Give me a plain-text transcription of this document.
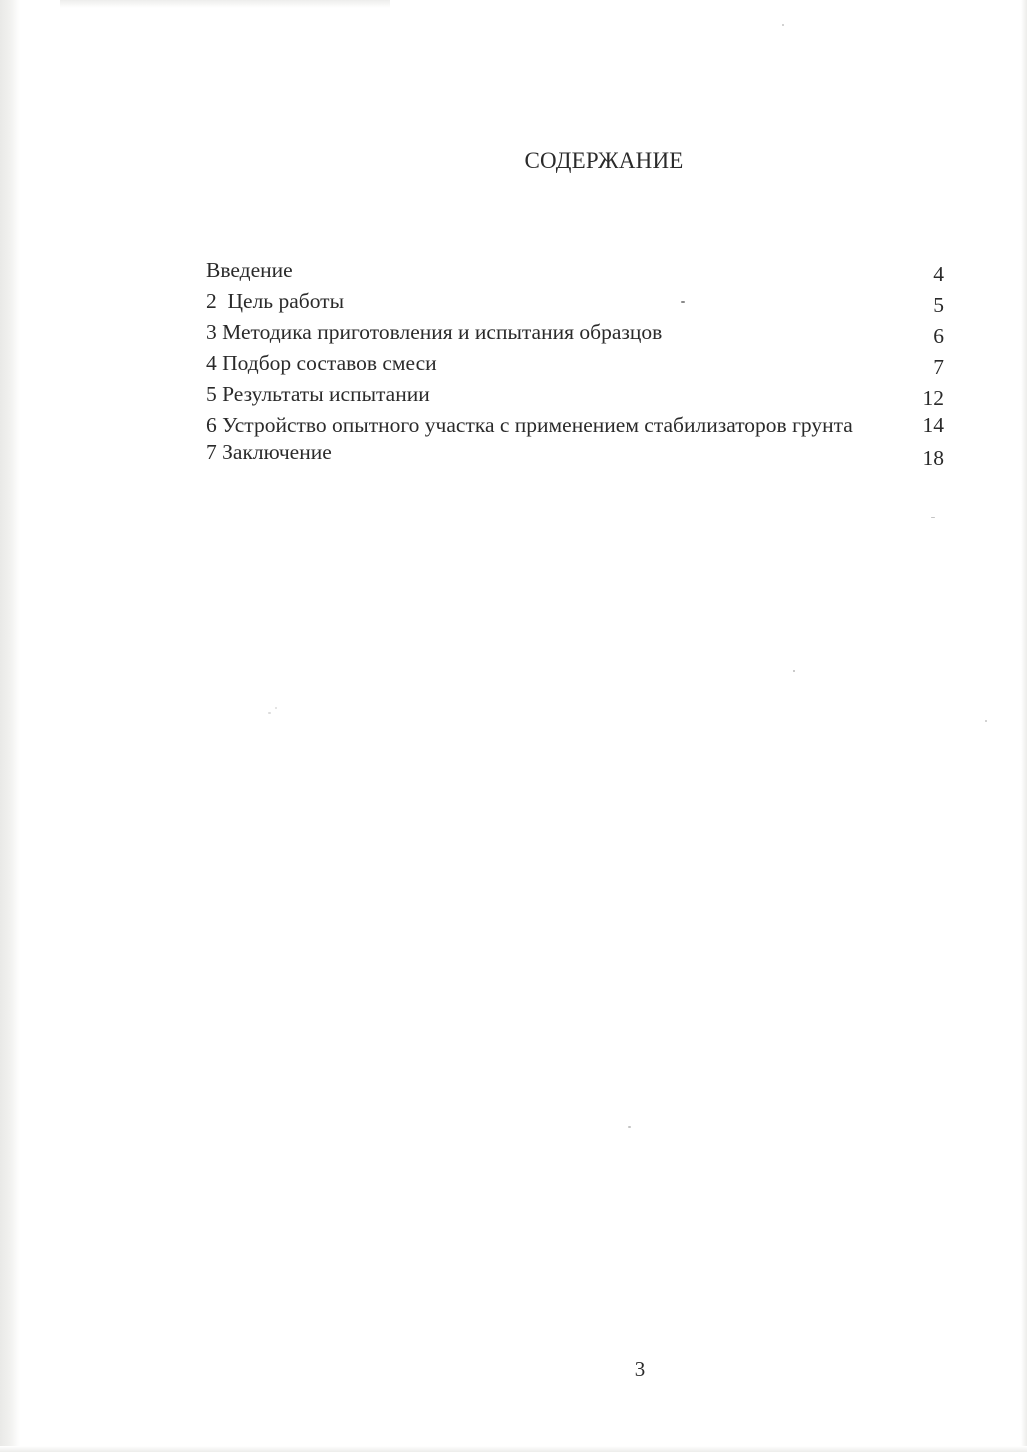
СОДЕРЖАНИЕ
Введение	4
2  Цель работы	5
3 Методика приготовления и испытания образцов	6
4 Подбор составов смеси	7
5 Результаты испытании	12
6 Устройство опытного участка с применением стабилизаторов грунта	14
7 Заключение	18
3
